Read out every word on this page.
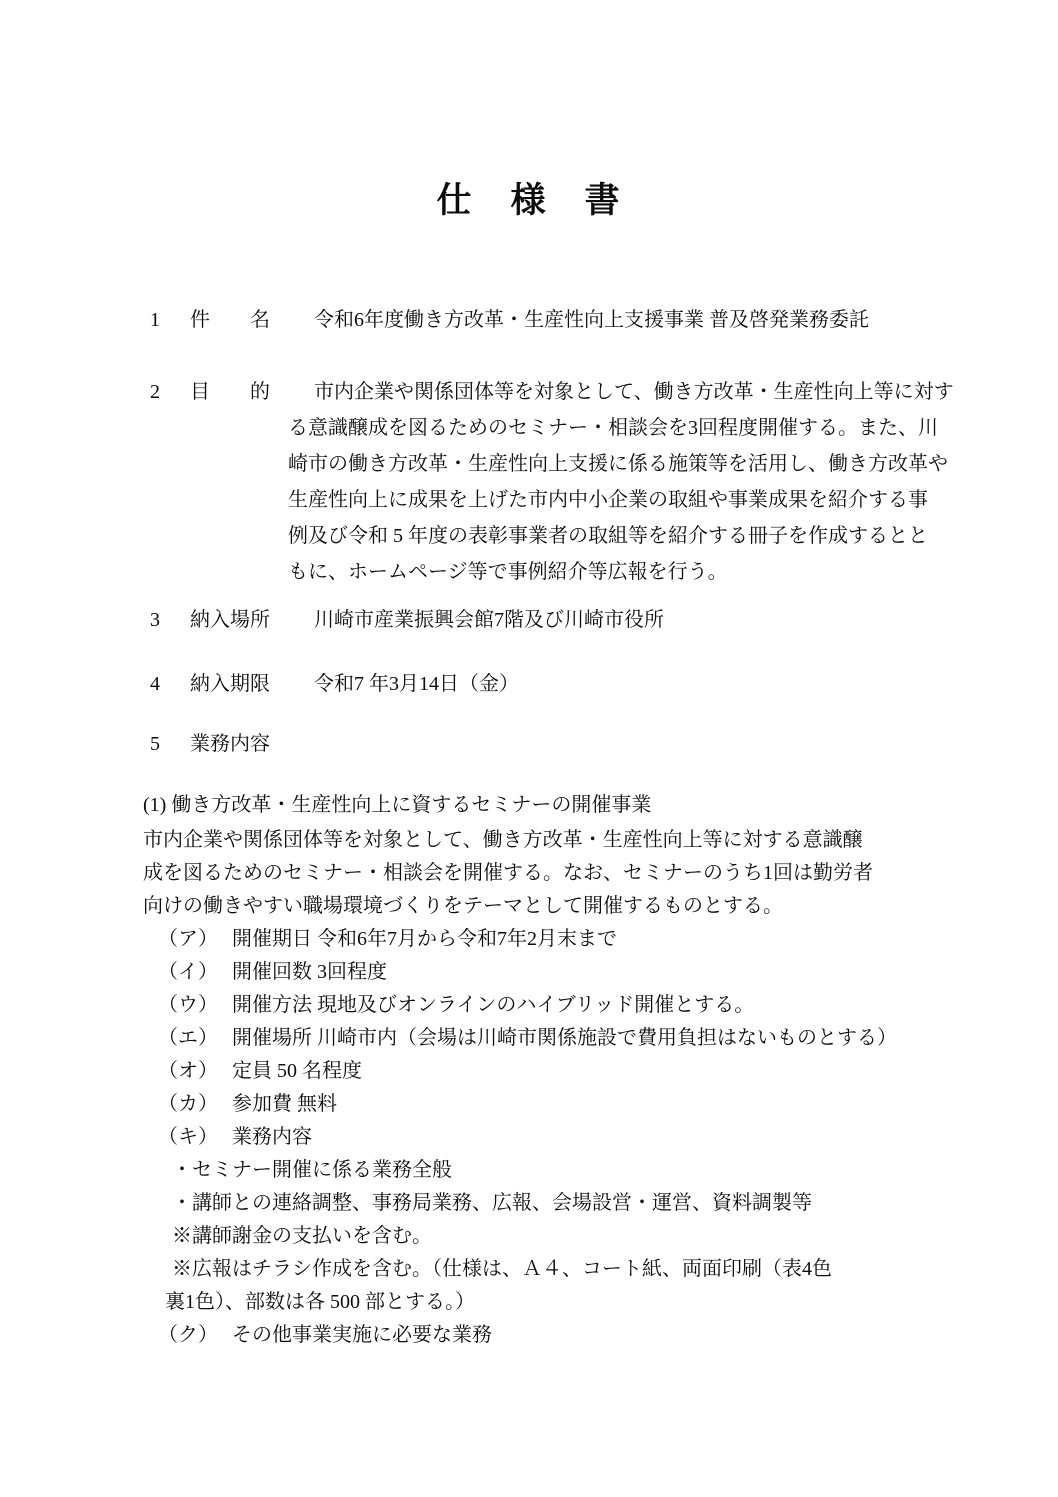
仕　様　書
1	件　　名 令和6年度働き方改革・生産性向上支援事業 普及啓発業務委託
2	目　　的 市内企業や関係団体等を対象として、働き方改革・生産性向上等に対す
る意識醸成を図るためのセミナー・相談会を3回程度開催する。また、川
崎市の働き方改革・生産性向上支援に係る施策等を活用し、働き方改革や
生産性向上に成果を上げた市内中小企業の取組や事業成果を紹介する事
例及び令和 5 年度の表彰事業者の取組等を紹介する冊子を作成するとと
もに、ホームページ等で事例紹介等広報を行う。
3	納入場所 川崎市産業振興会館7階及び川崎市役所
4	納入期限 令和7 年3月14日（金）
5	業務内容
(1) 働き方改革・生産性向上に資するセミナーの開催事業
市内企業や関係団体等を対象として、働き方改革・生産性向上等に対する意識醸
成を図るためのセミナー・相談会を開催する。なお、セミナーのうち1回は勤労者
向けの働きやすい職場環境づくりをテーマとして開催するものとする。
（ア） 開催期日 令和6年7月から令和7年2月末まで
（イ） 開催回数 3回程度
（ウ） 開催方法 現地及びオンラインのハイブリッド開催とする。
（エ） 開催場所 川崎市内（会場は川崎市関係施設で費用負担はないものとする）
（オ） 定員 50 名程度
（カ） 参加費 無料
（キ） 業務内容
・セミナー開催に係る業務全般
・講師との連絡調整、事務局業務、広報、会場設営・運営、資料調製等
※講師謝金の支払いを含む。
※広報はチラシ作成を含む。（仕様は、Ａ４、コート紙、両面印刷（表4色
裏1色）、部数は各 500 部とする。）
（ク） その他事業実施に必要な業務
